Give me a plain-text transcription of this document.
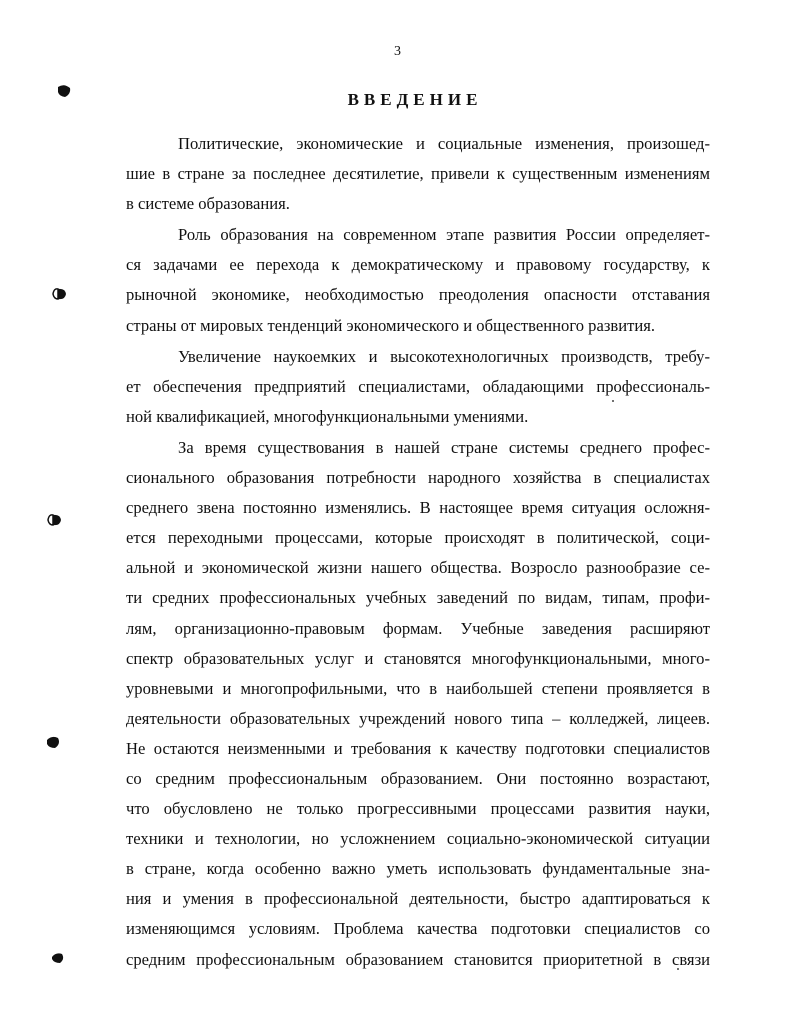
3
ВВЕДЕНИЕ
Политические, экономические и социальные изменения, произошед-
шие в стране за последнее десятилетие, привели к существенным изменениям
в системе образования.
Роль образования на современном этапе развития России определяет-
ся задачами ее перехода к демократическому и правовому государству, к
рыночной экономике, необходимостью преодоления опасности отставания
страны от мировых тенденций экономического и общественного развития.
Увеличение наукоемких и высокотехнологичных производств, требу-
ет обеспечения предприятий специалистами, обладающими профессиональ-
ной квалификацией, многофункциональными умениями.
За время существования в нашей стране системы среднего профес-
сионального образования потребности народного хозяйства в специалистах
среднего звена постоянно изменялись. В настоящее время ситуация осложня-
ется переходными процессами, которые происходят в политической, соци-
альной и экономической жизни нашего общества. Возросло разнообразие се-
ти средних профессиональных учебных заведений по видам, типам, профи-
лям, организационно-правовым формам. Учебные заведения расширяют
спектр образовательных услуг и становятся многофункциональными, много-
уровневыми и многопрофильными, что в наибольшей степени проявляется в
деятельности образовательных учреждений нового типа – колледжей, лицеев.
Не остаются неизменными и требования к качеству подготовки специалистов
со средним профессиональным образованием. Они постоянно возрастают,
что обусловлено не только прогрессивными процессами развития науки,
техники и технологии, но усложнением социально-экономической ситуации
в стране, когда особенно важно уметь использовать фундаментальные зна-
ния и умения в профессиональной деятельности, быстро адаптироваться к
изменяющимся условиям. Проблема качества подготовки специалистов со
средним профессиональным образованием становится приоритетной в связи
